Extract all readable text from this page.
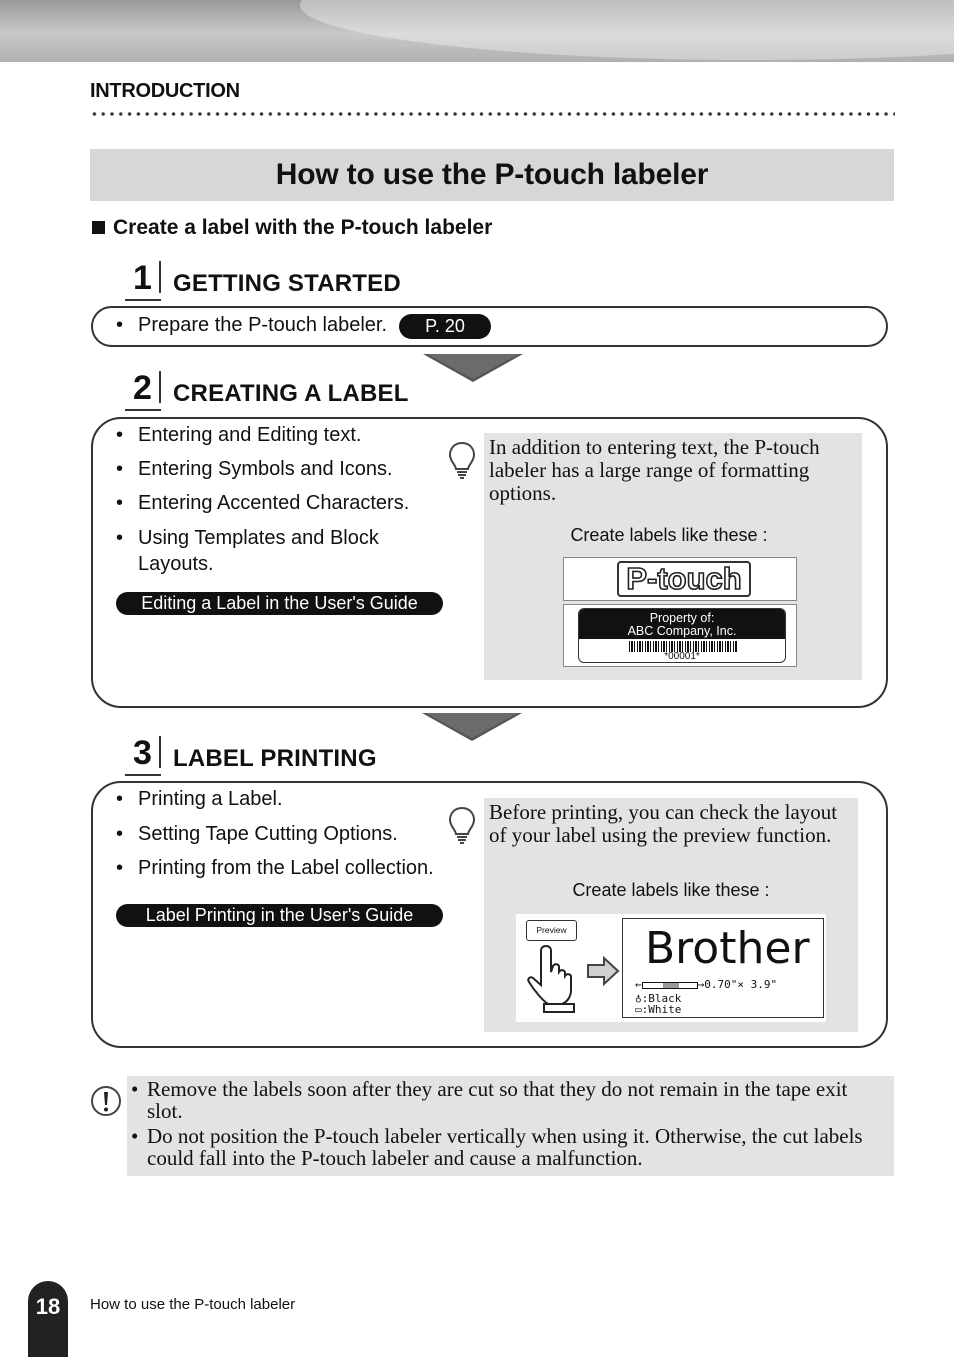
INTRODUCTION
How to use the P-touch labeler
Create a label with the P-touch labeler
1 GETTING STARTED
• Prepare the P-touch labeler.	P. 20
2 CREATING A LABEL
• Entering and Editing text.
• Entering Symbols and Icons.
• Entering Accented Characters.
• Using Templates and Block
Layouts.
Editing a Label in the User's Guide
In addition to entering text, the P-touch
labeler has a large range of formatting
options.
Create labels like these :
P-touch
Property of:
ABC Company, Inc.
*00001*
3 LABEL PRINTING
• Printing a Label.
• Setting Tape Cutting Options.
• Printing from the Label collection.
Label Printing in the User's Guide
Before printing, you can check the layout
of your label using the preview function.
Create labels like these :
Preview Brother
←	→0.70"× 3.9"
♁:Black
▭:White
• Remove the labels soon after they are cut so that they do not remain in the tape exit
slot.
• Do not position the P-touch labeler vertically when using it. Otherwise, the cut labels
could fall into the P-touch labeler and cause a malfunction.
18	How to use the P-touch labeler
